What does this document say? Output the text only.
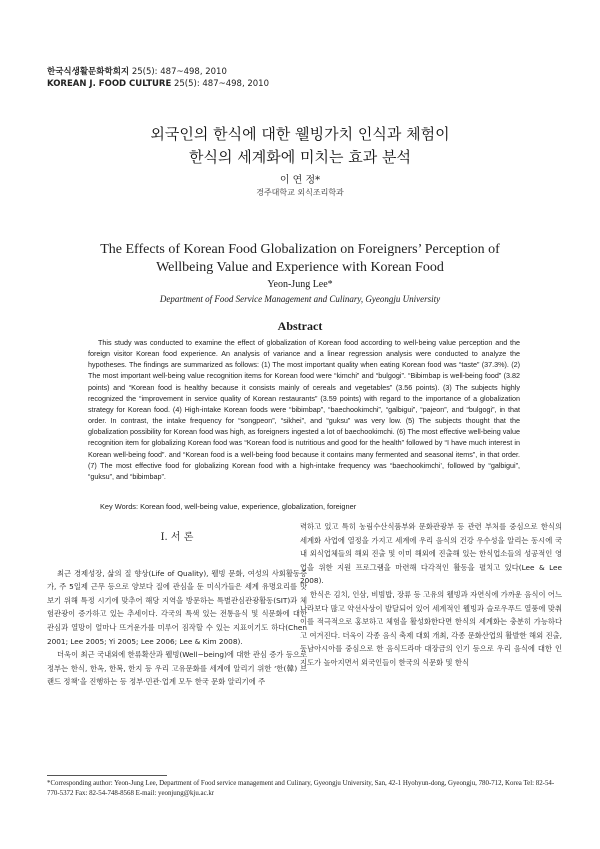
한국식생활문화학회지 25(5): 487~498, 2010
KOREAN J. FOOD CULTURE 25(5): 487~498, 2010
외국인의 한식에 대한 웰빙가치 인식과 체험이
한식의 세계화에 미치는 효과 분석
이 연 정*
경주대학교 외식조리학과
The Effects of Korean Food Globalization on Foreigners’ Perception of
Wellbeing Value and Experience with Korean Food
Yeon-Jung Lee*
Department of Food Service Management and Culinary, Gyeongju University
Abstract

This study was conducted to examine the effect of globalization of Korean food according to well-being value perception and the foreign visitor Korean food experience. An analysis of variance and a linear regression analysis were conducted to analyze the hypotheses. The findings are summarized as follows: (1) The most important quality when eating Korean food was “taste” (37.3%). (2) The most important well-being value recognition items for Korean food were “kimchi” and “bulgogi”. “Bibimbap is well-being food” (3.82 points) and “Korean food is healthy because it consists mainly of cereals and vegetables” (3.56 points). (3) The subjects highly recognized the “improvement in service quality of Korean restaurants” (3.59 points) with regard to the importance of a globalization strategy for Korean food. (4) High-intake Korean foods were “bibimbap”, “baechookimchi”, “galbigui”, “pajeon”, and “bulgogi”, in that order. In contrast, the intake frequency for “songpeon”, “sikhei”, and “guksu” was very low. (5) The subjects thought that the globalization possibility for Korean food was high, as foreigners ingested a lot of baechookimchi. (6) The most effective well-being value recognition item for globalizing Korean food was “Korean food is nutritious and good for the health” followed by “I have much interest in Korean well-being food”. and “Korean food is a well-being food because it contains many fermented and seasonal items”, in that order. (7) The most effective food for globalizing Korean food with a high-intake frequency was “baechookimchi’, followed by “galbigui”, “guksu”, and “bibimbap”.

Key Words: Korean food, well-being value, experience, globalization, foreigner
I. 서 론

최근 경제성장, 삶의 질 향상(Life of Quality), 웰빙 문화, 여성의 사회활동증가, 주 5일제 근무 등으로 양보다 질에 관심을 둔 미식가들은 세계 유명요리를 맛보기 위해 특정 시기에 맞추어 해당 지역을 방문하는 특별관심관광활동(SIT)과 체험관광이 증가하고 있는 추세이다. 각국의 특색 있는 전통음식 및 식문화에 대한 관심과 열망이 얼마나 뜨거운가를 미루어 짐작할 수 있는 지표이기도 하다(Chen 2001; Lee 2005; Yi 2005; Lee 2006; Lee & Kim 2008).

더욱이 최근 국내외에 한류확산과 웰빙(Well−being)에 대한 관심 증가 등으로 정부는 한식, 한옥, 한복, 한지 등 우리 고유문화를 세계에 알리기 위한 ‘한(韓) 브랜드 정책’을 진행하는 등 정부·민관·업계 모두 한국 문화 알리기에 주

력하고 있고 특히 농림수산식품부와 문화관광부 등 관련 부처를 중심으로 한식의 세계화 사업에 열정을 가지고 세계에 우리 음식의 건강 우수성을 알리는 동시에 국내 외식업체들의 해외 진출 및 이미 해외에 진출해 있는 한식업소들의 성공적인 영업을 위한 지원 프로그램을 마련해 다각적인 활동을 펼치고 있다(Lee & Lee 2008).

한식은 김치, 인삼, 비빔밥, 장류 등 고유의 웰빙과 자연식에 가까운 음식이 어느 나라보다 많고 약선사상이 발달되어 있어 세계적인 웰빙과 슬로우푸드 열풍에 맞춰 이를 적극적으로 홍보하고 체험을 활성화한다면 한식의 세계화는 충분히 가능하다고 여겨진다. 더욱이 각종 음식 축제 대회 개최, 각종 문화산업의 활발한 해외 진출, 동남아시아를 중심으로 한 음식드라마 대장금의 인기 등으로 우리 음식에 대한 인지도가 높아지면서 외국인들이 한국의 식문화 및 한식

*Corresponding author: Yeon-Jung Lee, Department of Food service management and Culinary, Gyeongju University, San, 42-1 Hyohyun-dong, Gyeongju, 780-712, Korea Tel: 82-54-770-5372 Fax: 82-54-748-8568 E-mail: yeonjung@kju.ac.kr
